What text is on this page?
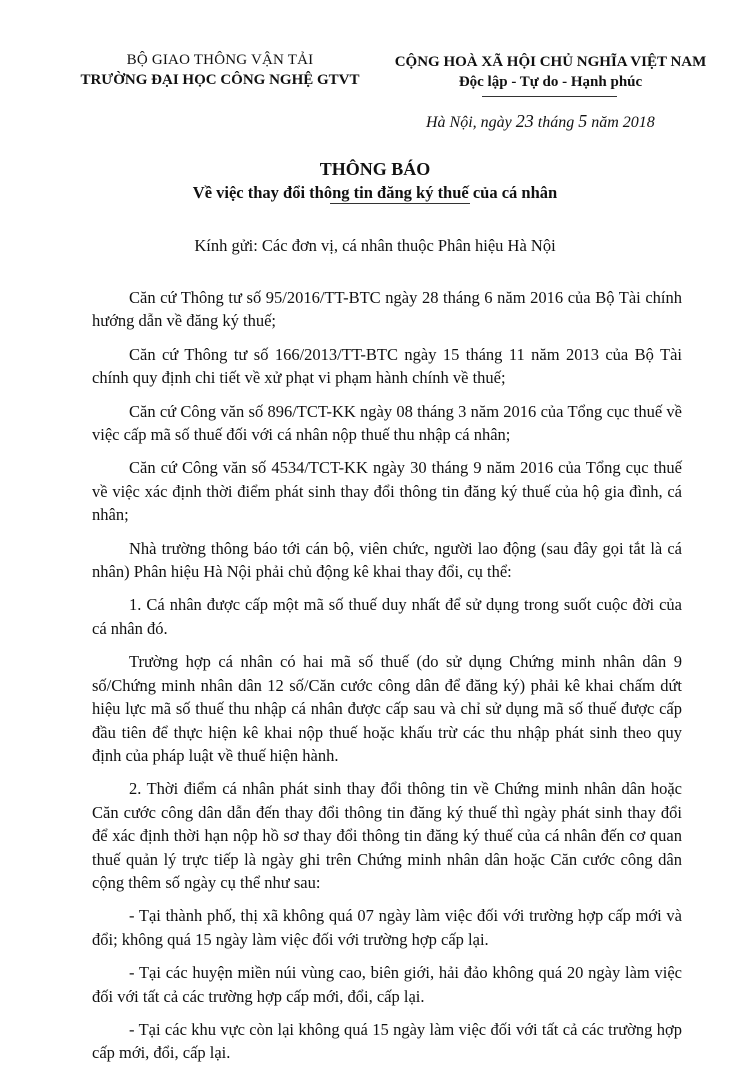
BỘ GIAO THÔNG VẬN TẢI
TRƯỜNG ĐẠI HỌC CÔNG NGHỆ GTVT
CỘNG HOÀ XÃ HỘI CHỦ NGHĨA VIỆT NAM
Độc lập - Tự do - Hạnh phúc
Hà Nội, ngày 23 tháng 5 năm 2018
THÔNG BÁO
Về việc thay đổi thông tin đăng ký thuế của cá nhân
Kính gửi: Các đơn vị, cá nhân thuộc Phân hiệu Hà Nội

Căn cứ Thông tư số 95/2016/TT-BTC ngày 28 tháng 6 năm 2016 của Bộ Tài chính hướng dẫn về đăng ký thuế;

Căn cứ Thông tư số 166/2013/TT-BTC ngày 15 tháng 11 năm 2013 của Bộ Tài chính quy định chi tiết về xử phạt vi phạm hành chính về thuế;

Căn cứ Công văn số 896/TCT-KK ngày 08 tháng 3 năm 2016 của Tổng cục thuế về việc cấp mã số thuế đối với cá nhân nộp thuế thu nhập cá nhân;

Căn cứ Công văn số 4534/TCT-KK ngày 30 tháng 9 năm 2016 của Tổng cục thuế về việc xác định thời điểm phát sinh thay đổi thông tin đăng ký thuế của hộ gia đình, cá nhân;

Nhà trường thông báo tới cán bộ, viên chức, người lao động (sau đây gọi tắt là cá nhân) Phân hiệu Hà Nội phải chủ động kê khai thay đổi, cụ thể:

1. Cá nhân được cấp một mã số thuế duy nhất để sử dụng trong suốt cuộc đời của cá nhân đó.

Trường hợp cá nhân có hai mã số thuế (do sử dụng Chứng minh nhân dân 9 số/Chứng minh nhân dân 12 số/Căn cước công dân để đăng ký) phải kê khai chấm dứt hiệu lực mã số thuế thu nhập cá nhân được cấp sau và chỉ sử dụng mã số thuế được cấp đầu tiên để thực hiện kê khai nộp thuế hoặc khấu trừ các thu nhập phát sinh theo quy định của pháp luật về thuế hiện hành.

2. Thời điểm cá nhân phát sinh thay đổi thông tin về Chứng minh nhân dân hoặc Căn cước công dân dẫn đến thay đổi thông tin đăng ký thuế thì ngày phát sinh thay đổi để xác định thời hạn nộp hồ sơ thay đổi thông tin đăng ký thuế của cá nhân đến cơ quan thuế quản lý trực tiếp là ngày ghi trên Chứng minh nhân dân hoặc Căn cước công dân cộng thêm số ngày cụ thể như sau:

- Tại thành phố, thị xã không quá 07 ngày làm việc đối với trường hợp cấp mới và đổi; không quá 15 ngày làm việc đối với trường hợp cấp lại.

- Tại các huyện miền núi vùng cao, biên giới, hải đảo không quá 20 ngày làm việc đối với tất cả các trường hợp cấp mới, đổi, cấp lại.

- Tại các khu vực còn lại không quá 15 ngày làm việc đối với tất cả các trường hợp cấp mới, đổi, cấp lại.
